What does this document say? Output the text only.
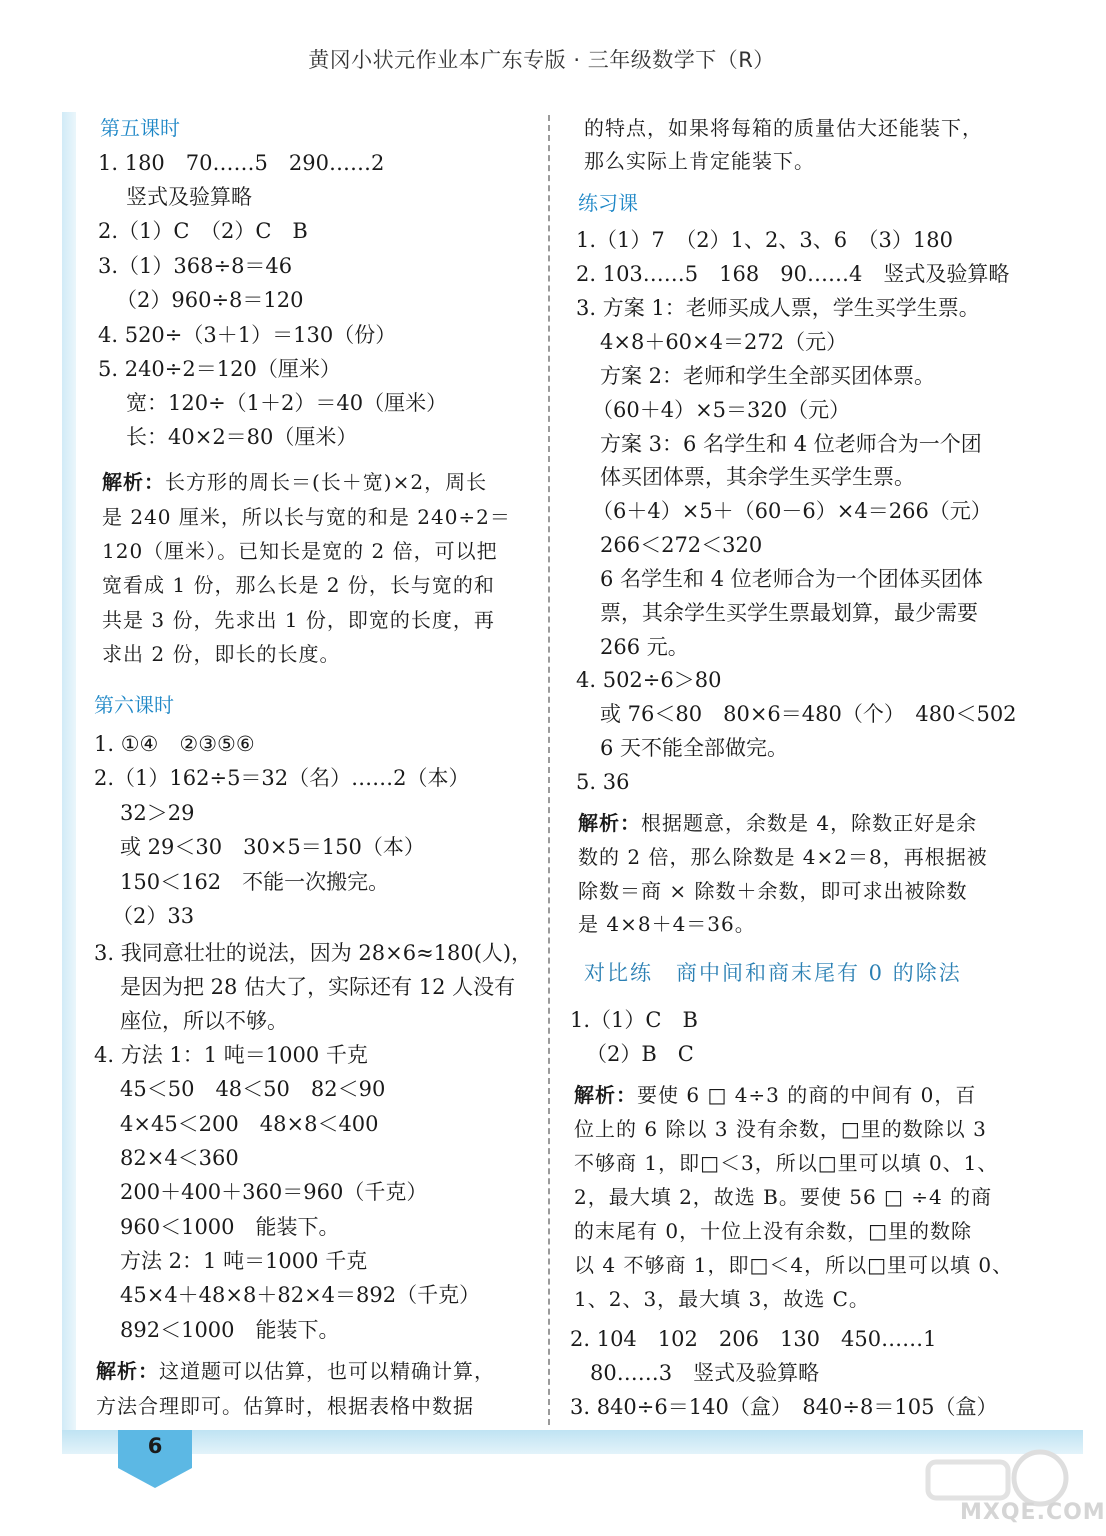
黄冈小状元作业本广东专版 · 三年级数学下（R）
6
第五课时
1. 180　70……5　290……2
竖式及验算略
2.（1）C　（2）C　B
3.（1）368÷8＝46
（2）960÷8＝120
4. 520÷（3＋1）＝130（份）
5. 240÷2＝120（厘米）
宽：120÷（1＋2）＝40（厘米）
长：40×2＝80（厘米）
解析：长方形的周长＝(长＋宽)×2，周长
是 240 厘米，所以长与宽的和是 240÷2＝
120（厘米）。已知长是宽的 2 倍，可以把
宽看成 1 份，那么长是 2 份，长与宽的和
共是 3 份，先求出 1 份，即宽的长度，再
求出 2 份，即长的长度。
第六课时
1. ①④　②③⑤⑥
2.（1）162÷5＝32（名）……2（本）
32＞29
或 29＜30　30×5＝150（本）
150＜162　不能一次搬完。
（2）33
3. 我同意壮壮的说法，因为 28×6≈180(人)，
是因为把 28 估大了，实际还有 12 人没有
座位，所以不够。
4. 方法 1：1 吨＝1000 千克
45＜50　48＜50　82＜90
4×45＜200　48×8＜400
82×4＜360
200＋400＋360＝960（千克）
960＜1000　能装下。
方法 2：1 吨＝1000 千克
45×4＋48×8＋82×4＝892（千克）
892＜1000　能装下。
解析：这道题可以估算，也可以精确计算，
方法合理即可。估算时，根据表格中数据
的特点，如果将每箱的质量估大还能装下，
那么实际上肯定能装下。
练习课
1.（1）7　（2）1、2、3、6　（3）180
2. 103……5　168　90……4　竖式及验算略
3. 方案 1：老师买成人票，学生买学生票。
4×8＋60×4＝272（元）
方案 2：老师和学生全部买团体票。
（60＋4）×5＝320（元）
方案 3：6 名学生和 4 位老师合为一个团
体买团体票，其余学生买学生票。
（6＋4）×5＋（60－6）×4＝266（元）
266＜272＜320
6 名学生和 4 位老师合为一个团体买团体
票，其余学生买学生票最划算，最少需要
266 元。
4. 502÷6＞80
或 76＜80　80×6＝480（个）　480＜502
6 天不能全部做完。
5. 36
解析：根据题意，余数是 4，除数正好是余
数的 2 倍，那么除数是 4×2＝8，再根据被
除数＝商 × 除数＋余数，即可求出被除数
是 4×8＋4＝36。
对比练　商中间和商末尾有 0 的除法
1.（1）C　B
（2）B　C
解析：要使 6 □ 4÷3 的商的中间有 0，百
位上的 6 除以 3 没有余数，□里的数除以 3
不够商 1，即□＜3，所以□里可以填 0、1、
2，最大填 2，故选 B。要使 56 □ ÷4 的商
的末尾有 0，十位上没有余数，□里的数除
以 4 不够商 1，即□＜4，所以□里可以填 0、
1、2、3，最大填 3，故选 C。
2. 104　102　206　130　450……1
80……3　竖式及验算略
3. 840÷6＝140（盒）　840÷8＝105（盒）
MXQE.COM
